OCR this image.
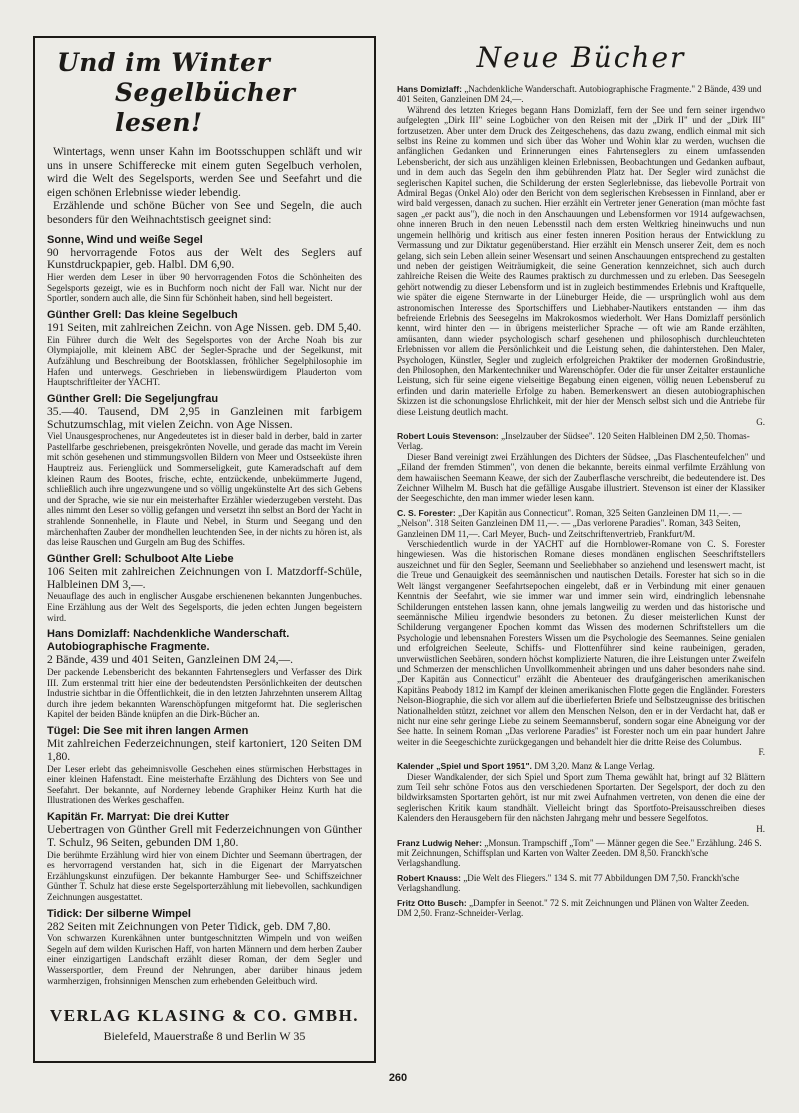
Und im Winter
Segelbücher lesen!

Wintertags, wenn unser Kahn im Bootsschuppen schläft und wir uns in unsere Schifferecke mit einem guten Segelbuch verholen, wird die Welt des Segelsports, werden See und Seefahrt und die eigen schönen Erlebnisse wieder lebendig.

Erzählende und schöne Bücher von See und Segeln, die auch besonders für den Weihnachtstisch geeignet sind:

Sonne, Wind und weiße Segel
90 hervorragende Fotos aus der Welt des Seglers auf Kunstdruckpapier, geb. Halbl. DM 6,90.
Hier werden dem Leser in über 90 hervorragenden Fotos die Schönheiten des Segelsports gezeigt, wie es in Buchform noch nicht der Fall war. Nicht nur der Sportler, sondern auch alle, die Sinn für Schönheit haben, sind hell begeistert.
Günther Grell: Das kleine Segelbuch
191 Seiten, mit zahlreichen Zeichn. von Age Nissen. geb. DM 5,40.
Ein Führer durch die Welt des Segelsportes von der Arche Noah bis zur Olympiajolle, mit kleinem ABC der Segler-Sprache und der Segelkunst, mit Aufzählung und Beschreibung der Bootsklassen, fröhlicher Segelphilosophie im Hafen und unterwegs. Geschrieben in liebenswürdigem Plauderton vom Hauptschriftleiter der YACHT.
Günther Grell: Die Segeljungfrau
35.—40. Tausend, DM 2,95 in Ganzleinen mit farbigem Schutzumschlag, mit vielen Zeichn. von Age Nissen.
Viel Unausgesprochenes, nur Angedeutetes ist in dieser bald in derber, bald in zarter Pastellfarbe geschriebenen, preisgekrönten Novelle, und gerade das macht im Verein mit schön gesehenen und stimmungsvollen Bildern von Meer und Ostseeküste ihren Hauptreiz aus. Ferienglück und Sommerseligkeit, gute Kameradschaft auf dem kleinen Raum des Bootes, frische, echte, entzückende, unbekümmerte Jugend, schließlich auch ihre ungezwungene und so völlig ungekünstelte Art des sich Gebens und der Sprache, wie sie nur ein meisterhafter Erzähler wiederzugeben versteht. Das alles nimmt den Leser so völlig gefangen und versetzt ihn selbst an Bord der Yacht in strahlende Sonnenhelle, in Flaute und Nebel, in Sturm und Seegang und den märchenhaften Zauber der mondhellen leuchtenden See, in der nichts zu hören ist, als das leise Rauschen und Gurgeln am Bug des Schiffes.
Günther Grell: Schulboot Alte Liebe
106 Seiten mit zahlreichen Zeichnungen von I. Matzdorff-Schüle, Halbleinen DM 3,—.
Neuauflage des auch in englischer Ausgabe erschienenen bekannten Jungenbuches. Eine Erzählung aus der Welt des Segelsports, die jeden echten Jungen begeistern wird.
Hans Domizlaff: Nachdenkliche Wanderschaft. Autobiographische Fragmente.
2 Bände, 439 und 401 Seiten, Ganzleinen DM 24,—.
Der packende Lebensbericht des bekannten Fahrtenseglers und Verfasser des Dirk III. Zum erstenmal tritt hier eine der bedeutendsten Persönlichkeiten der deutschen Industrie sichtbar in die Öffentlichkeit, die in den letzten Jahrzehnten unserem Alltag durch ihre jedem bekannten Warenschöpfungen mitgeformt hat. Die seglerischen Kapitel der beiden Bände knüpfen an die Dirk-Bücher an.
Tügel: Die See mit ihren langen Armen
Mit zahlreichen Federzeichnungen, steif kartoniert, 120 Seiten DM 1,80.
Der Leser erlebt das geheimnisvolle Geschehen eines stürmischen Herbsttages in einer kleinen Hafenstadt. Eine meisterhafte Erzählung des Dichters von See und Seefahrt. Der bekannte, auf Norderney lebende Graphiker Heinz Kurth hat die Illustrationen des Werkes geschaffen.
Kapitän Fr. Marryat: Die drei Kutter
Uebertragen von Günther Grell mit Federzeichnungen von Günther T. Schulz, 96 Seiten, gebunden DM 1,80.
Die berühmte Erzählung wird hier von einem Dichter und Seemann übertragen, der es hervorragend verstanden hat, sich in die Eigenart der Marryatschen Erzählungskunst einzufügen. Der bekannte Hamburger See- und Schiffszeichner Günther T. Schulz hat diese erste Segelsporterzählung mit liebevollen, sachkundigen Zeichnungen ausgestattet.
Tidick: Der silberne Wimpel
282 Seiten mit Zeichnungen von Peter Tidick, geb. DM 7,80.
Von schwarzen Kurenkähnen unter buntgeschnitzten Wimpeln und von weißen Segeln auf dem wilden Kurischen Haff, von harten Männern und dem herben Zauber einer einzigartigen Landschaft erzählt dieser Roman, der dem Segler und Wassersportler, dem Freund der Nehrungen, aber darüber hinaus jedem warmherzigen, frohsinnigen Menschen zum erhebenden Geleitbuch wird.
VERLAG KLASING & CO. GMBH.
Bielefeld, Mauerstraße 8 und Berlin W 35
Neue Bücher
Hans Domizlaff: „Nachdenkliche Wanderschaft. Autobiographische Fragmente." 2 Bände, 439 und 401 Seiten, Ganzleinen DM 24,—.
Während des letzten Krieges begann Hans Domizlaff, fern der See und fern seiner irgendwo aufgelegten „Dirk III" seine Logbücher von den Reisen mit der „Dirk II" und der „Dirk III" fortzusetzen. Aber unter dem Druck des Zeitgeschehens, das dazu zwang, endlich einmal mit sich selbst ins Reine zu kommen und sich über das Woher und Wohin klar zu werden, wuchsen die anfänglichen Gedanken und Erinnerungen eines Fahrtenseglers zu einem umfassenden Lebensbericht, der sich aus unzähligen kleinen Erlebnissen, Beobachtungen und Gedanken aufbaut, und in dem auch das Segeln den ihm gebührenden Platz hat. Der Segler wird zunächst die seglerischen Kapitel suchen, die Schilderung der ersten Seglerlebnisse, das liebevolle Portrait von Admiral Begas (Onkel Alo) oder den Bericht von dem seglerischen Krebsessen in Finnland, aber er wird bald vergessen, danach zu suchen. Hier erzählt ein Vertreter jener Generation (man möchte fast sagen „er packt aus"), die noch in den Anschauungen und Lebensformen vor 1914 aufgewachsen, ohne inneren Bruch in den neuen Lebensstil nach dem ersten Weltkrieg hineinwuchs und nun ungemein hellhörig und kritisch aus einer festen inneren Position heraus der Entwicklung zu Vermassung und zur Diktatur gegenüberstand. Hier erzählt ein Mensch unserer Zeit, dem es noch gelang, sich sein Leben allein seiner Wesensart und seinen Anschauungen entsprechend zu gestalten und neben der geistigen Weiträumigkeit, die seine Generation kennzeichnet, sich auch durch zahlreiche Reisen die Weite des Raumes praktisch zu durchmessen und zu erleben. Das Seesegeln gehört notwendig zu dieser Lebensform und ist in zugleich bestimmendes Erlebnis und Kraftquelle, wie später die eigene Sternwarte in der Lüneburger Heide, die — ursprünglich wohl aus dem astronomischen Interesse des Sportschiffers und Liebhaber-Nautikers entstanden — ihm das befreiende Erlebnis des Seesegelns im Makrokosmos wiederholt. Wer Hans Domizlaff persönlich kennt, wird hinter den — in übrigens meisterlicher Sprache — oft wie am Rande erzählten, amüsanten, dann wieder psychologisch scharf gesehenen und philosophisch durchleuchteten Erlebnissen vor allem die Persönlichkeit und die Leistung sehen, die dahinterstehen. Den Maler, Psychologen, Künstler, Segler und zugleich erfolgreichen Praktiker der modernen Großindustrie, den Philosophen, den Markentechniker und Warenschöpfer. Oder die für unser Zeitalter erstaunliche Leistung, sich für seine eigene vielseitige Begabung einen eigenen, völlig neuen Lebensberuf zu erfinden und darin materielle Erfolge zu haben. Bemerkenswert an diesen autobiographischen Skizzen ist die schonungslose Ehrlichkeit, mit der hier der Mensch selbst sich und die Antriebe für diese Leistung deutlich macht.
G.
Robert Louis Stevenson: „Inselzauber der Südsee". 120 Seiten Halbleinen DM 2,50. Thomas-Verlag.
Dieser Band vereinigt zwei Erzählungen des Dichters der Südsee, „Das Flaschenteufelchen" und „Eiland der fremden Stimmen", von denen die bekannte, bereits einmal verfilmte Erzählung von dem hawaiischen Seemann Keawe, der sich der Zauberflasche verschreibt, die bedeutendere ist. Des Zeichner Wilhelm M. Busch hat die gefällige Ausgabe illustriert. Stevenson ist einer der Klassiker der Seegeschichte, den man immer wieder lesen kann.
C. S. Forester: „Der Kapitän aus Connecticut". Roman, 325 Seiten Ganzleinen DM 11,—. — „Nelson". 318 Seiten Ganzleinen DM 11,—. — „Das verlorene Paradies". Roman, 343 Seiten, Ganzleinen DM 11,—. Carl Meyer, Buch- und Zeitschriftenvertrieb, Frankfurt/M.
Verschiedentlich wurde in der YACHT auf die Hornblower-Romane von C. S. Forester hingewiesen. Was die historischen Romane dieses mondänen englischen Seeschriftstellers auszeichnet und für den Segler, Seemann und Seeliebhaber so anziehend und lesenswert macht, ist die Treue und Genauigkeit des seemännischen und nautischen Details. Forester hat sich so in die Welt längst vergangener Seefahrtsepochen eingelebt, daß er in Verbindung mit einer genauen Kenntnis der Seefahrt, wie sie immer war und immer sein wird, eindringlich lebensnahe Schilderungen entstehen lassen kann, ohne jemals langweilig zu werden und das historische und seemännische Milieu irgendwie besonders zu betonen. Zu dieser meisterlichen Kunst der Schilderung vergangener Epochen kommt das Wissen des modernen Schriftstellers um die Psychologie und lebensnahen Foresters Wissen um die Psychologie des Seemannes. Seine genialen und erfolgreichen Seeleute, Schiffs- und Flottenführer sind keine raubeinigen, geraden, unverwüstlichen Seebären, sondern höchst komplizierte Naturen, die ihre Leistungen unter Zweifeln und Schmerzen der menschlichen Unvollkommenheit abringen und uns daher besonders nahe sind. „Der Kapitän aus Connecticut" erzählt die Abenteuer des draufgängerischen amerikanischen Kapitäns Peabody 1812 im Kampf der kleinen amerikanischen Flotte gegen die Engländer. Foresters Nelson-Biographie, die sich vor allem auf die überlieferten Briefe und Selbstzeugnisse des britischen Nationalhelden stützt, zeichnet vor allem den Menschen Nelson, den er in der Verdacht hat, daß er nicht nur eine sehr geringe Liebe zu seinem Seemannsberuf, sondern sogar eine Abneigung vor der See hatte. In seinem Roman „Das verlorene Paradies" ist Forester noch um ein paar hundert Jahre weiter in die Seegeschichte zurückgegangen und behandelt hier die dritte Reise des Columbus.
F.
Kalender „Spiel und Sport 1951". DM 3,20. Manz & Lange Verlag.
Dieser Wandkalender, der sich Spiel und Sport zum Thema gewählt hat, bringt auf 32 Blättern zum Teil sehr schöne Fotos aus den verschiedenen Sportarten. Der Segelsport, der doch zu den bildwirksamsten Sportarten gehört, ist nur mit zwei Aufnahmen vertreten, von denen die eine der seglerischen Kritik kaum standhält. Vielleicht bringt das Sportfoto-Preisausschreiben dieses Kalenders den Herausgebern für den nächsten Jahrgang mehr und bessere Segelfotos.
H.
Franz Ludwig Neher: „Monsun. Trampschiff „Tom" — Männer gegen die See." Erzählung. 246 S. mit Zeichnungen, Schiffsplan und Karten von Walter Zeeden. DM 8,50. Franckh'sche Verlagshandlung.
Robert Knauss: „Die Welt des Fliegers." 134 S. mit 77 Abbildungen DM 7,50. Franckh'sche Verlagshandlung.
Fritz Otto Busch: „Dampfer in Seenot." 72 S. mit Zeichnungen und Plänen von Walter Zeeden. DM 2,50. Franz-Schneider-Verlag.
260
